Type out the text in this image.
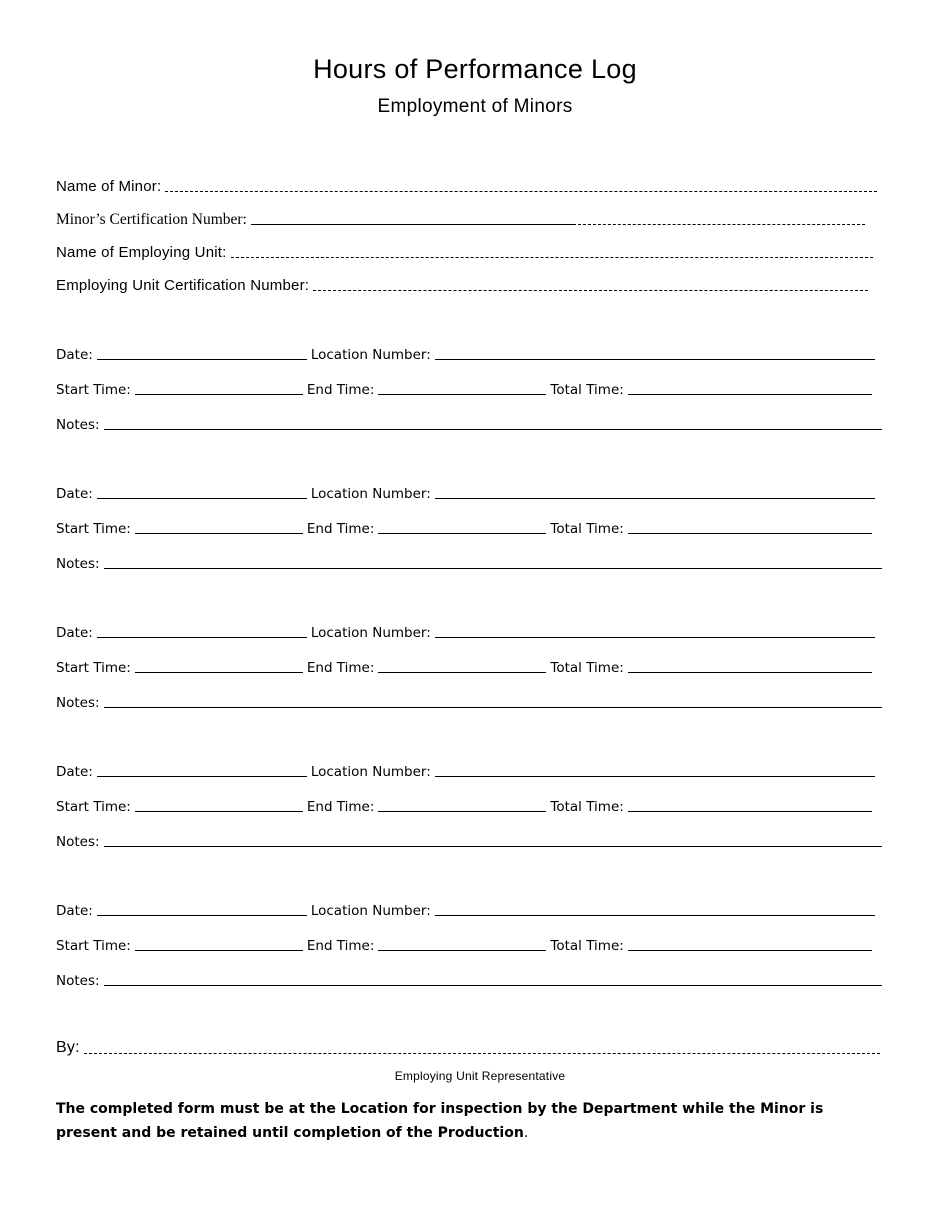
Hours of Performance Log
Employment of Minors
Name of Minor:
Minor’s Certification Number:
Name of Employing Unit:
Employing Unit Certification Number:
Date:	Location Number:
Start Time:	End Time:	Total Time:
Notes:
Date:	Location Number:
Start Time:	End Time:	Total Time:
Notes:
Date:	Location Number:
Start Time:	End Time:	Total Time:
Notes:
Date:	Location Number:
Start Time:	End Time:	Total Time:
Notes:
Date:	Location Number:
Start Time:	End Time:	Total Time:
Notes:
By:
Employing Unit Representative
The completed form must be at the Location for inspection by the Department while the Minor is present and be retained until completion of the Production.
